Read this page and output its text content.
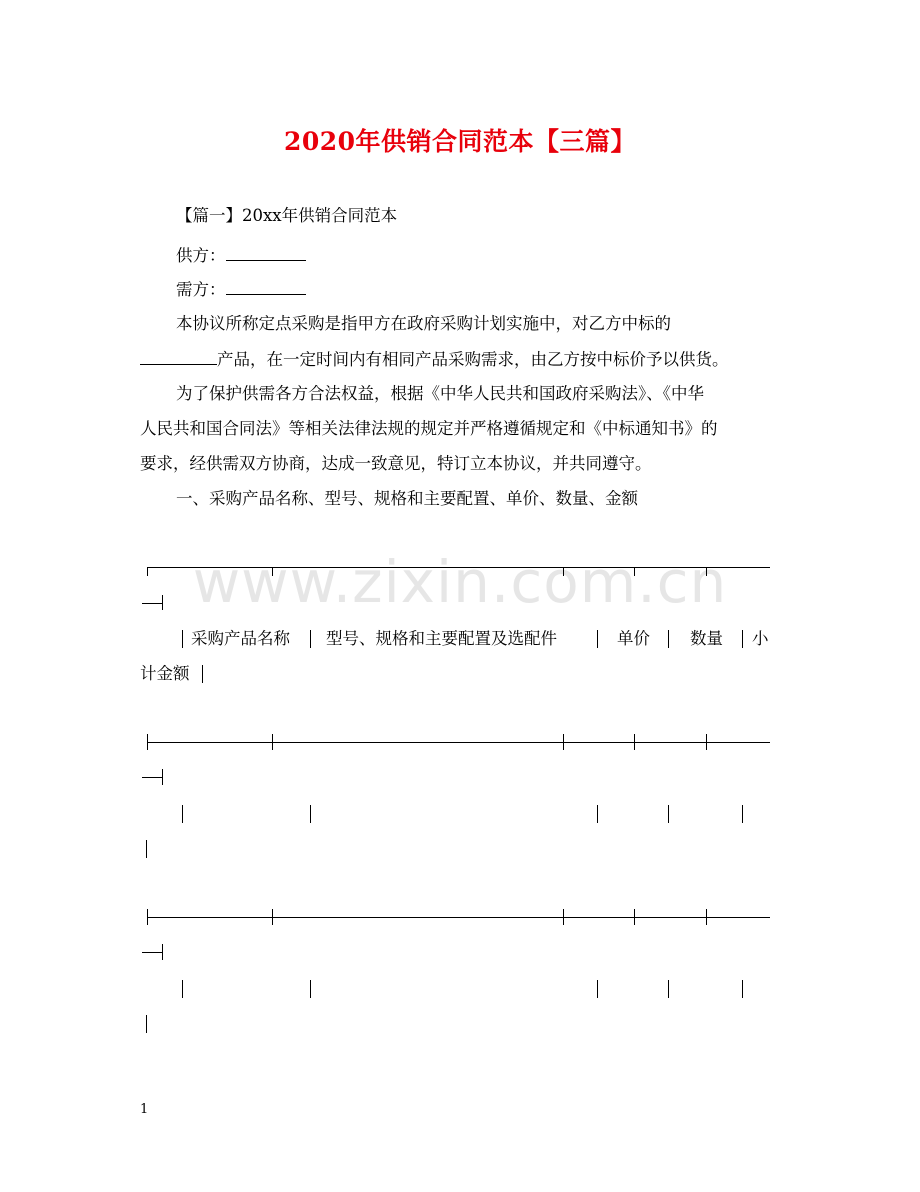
2020年供销合同范本【三篇】
【篇一】20xx年供销合同范本
供方：
需方：
本协议所称定点采购是指甲方在政府采购计划实施中，对乙方中标的
产品，在一定时间内有相同产品采购需求，由乙方按中标价予以供货。
为了保护供需各方合法权益，根据《中华人民共和国政府采购法》、《中华
人民共和国合同法》等相关法律法规的规定并严格遵循规定和《中标通知书》的
要求，经供需双方协商，达成一致意见，特订立本协议，并共同遵守。
一、采购产品名称、型号、规格和主要配置、单价、数量、金额
www.zixin.com.cn
采购产品名称 型号、规格和主要配置及选配件	单价 数量 小
计金额
1
